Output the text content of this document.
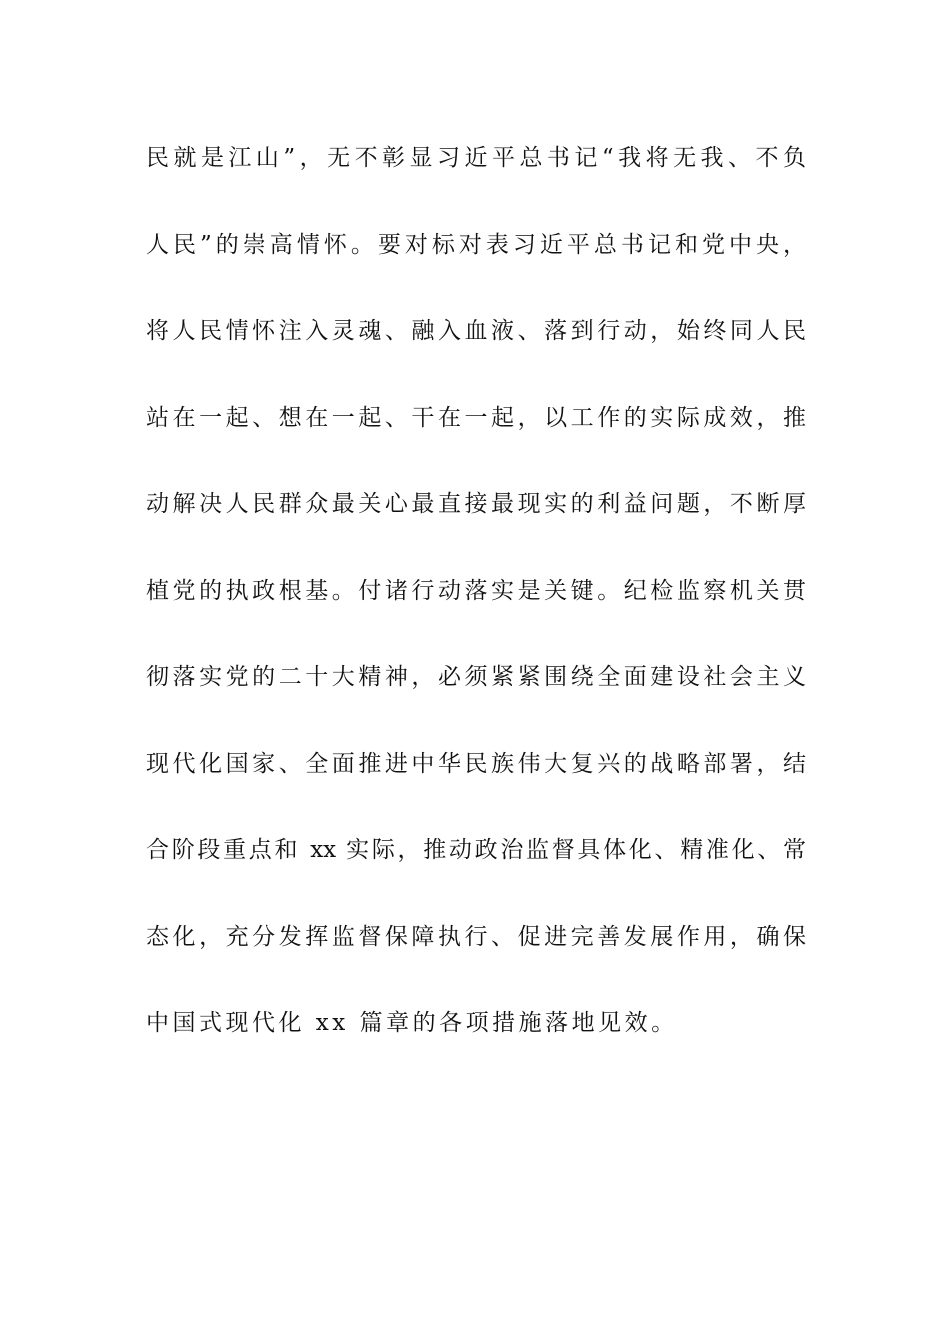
民就是江山”，无不彰显习近平总书记“我将无我、不负
人民”的崇高情怀。要对标对表习近平总书记和党中央，
将人民情怀注入灵魂、融入血液、落到行动，始终同人民
站在一起、想在一起、干在一起，以工作的实际成效，推
动解决人民群众最关心最直接最现实的利益问题，不断厚
植党的执政根基。付诸行动落实是关键。纪检监察机关贯
彻落实党的二十大精神，必须紧紧围绕全面建设社会主义
现代化国家、全面推进中华民族伟大复兴的战略部署，结
合阶段重点和 xx 实际，推动政治监督具体化、精准化、常
态化，充分发挥监督保障执行、促进完善发展作用，确保
中国式现代化 xx 篇章的各项措施落地见效。
